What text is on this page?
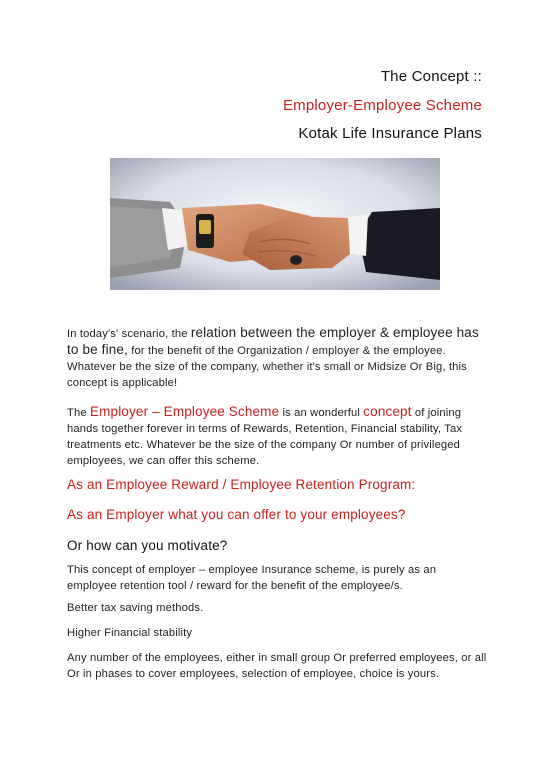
The Concept ::
Employer-Employee Scheme
Kotak Life Insurance Plans
In today's' scenario, the relation between the employer & employee has to be fine, for the benefit of the Organization / employer & the employee. Whatever be the size of the company, whether it's small or Midsize Or Big, this concept is applicable!
The Employer – Employee Scheme is an wonderful concept of joining hands together forever in terms of Rewards, Retention, Financial stability, Tax treatments etc. Whatever be the size of the company Or number of privileged employees, we can offer this scheme.
As an Employee Reward / Employee Retention Program:
As an Employer what you can offer to your employees?
Or how can you motivate?
This concept of employer – employee Insurance scheme, is purely as an employee retention tool / reward for the benefit of the employee/s.
Better tax saving methods.
Higher Financial stability
Any number of the employees, either in small group Or preferred employees, or all Or in phases to cover employees, selection of employee, choice is yours.
